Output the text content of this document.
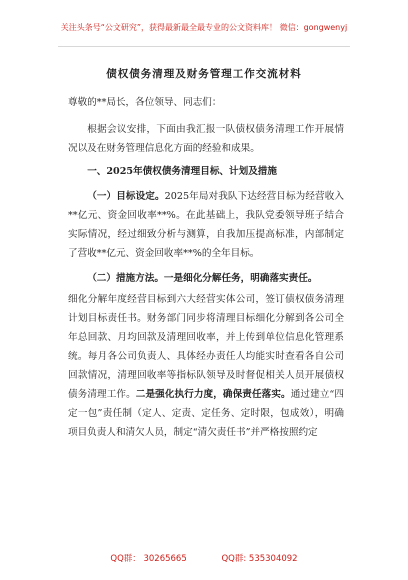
关注头条号“公文研究”，获得最新最全最专业的公文资料库！ 微信：gongwenyj
债权债务清理及财务管理工作交流材料

尊敬的**局长，各位领导、同志们：

根据会议安排，下面由我汇报一队债权债务清理工作开展情况以及在财务管理信息化方面的经验和成果。

一、2025年债权债务清理目标、计划及措施

（一）目标设定。2025年局对我队下达经营目标为经营收入**亿元、资金回收率**%。在此基础上，我队党委领导班子结合实际情况，经过细致分析与测算，自我加压提高标准，内部制定了营收**亿元、资金回收率**%的全年目标。

（二）措施方法。一是细化分解任务，明确落实责任。

细化分解年度经营目标到六大经营实体公司，签订债权债务清理计划目标责任书。财务部门同步将清理目标细化分解到各公司全年总回款、月均回款及清理回收率，并上传到单位信息化管理系统。每月各公司负责人、具体经办责任人均能实时查看各自公司回款情况，清理回收率等指标队领导及时督促相关人员开展债权债务清理工作。二是强化执行力度，确保责任落实。通过建立“四定一包”责任制（定人、定责、定任务、定时限，包成效），明确项目负责人和清欠人员，制定“清欠责任书”并严格按照约定

QQ群： 30265665	QQ群: 535304092
